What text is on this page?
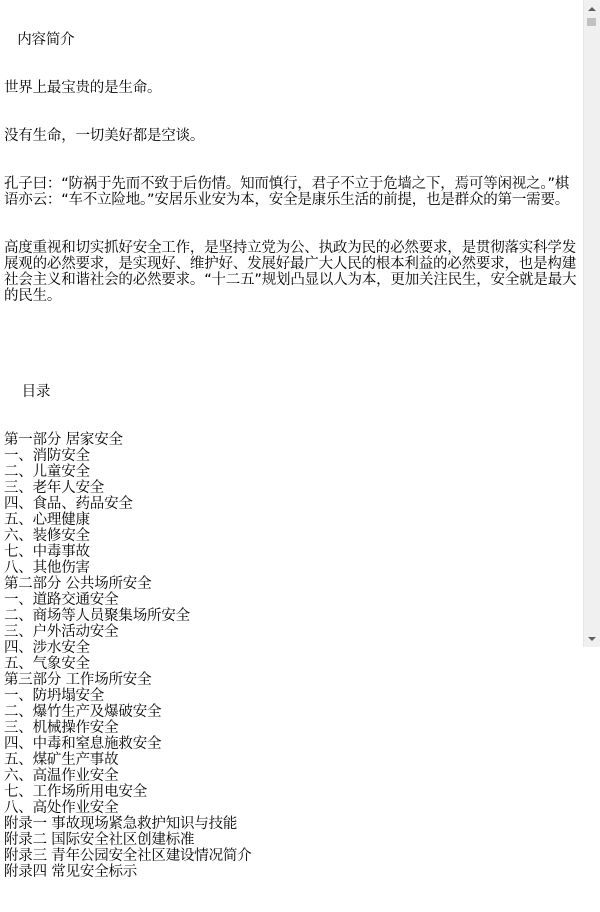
内容简介

世界上最宝贵的是生命。

没有生命，一切美好都是空谈。

孔子曰：“防祸于先而不致于后伤情。知而慎行，君子不立于危墙之下，焉可等闲视之。”棋语亦云：“车不立险地。”安居乐业安为本，安全是康乐生活的前提，也是群众的第一需要。

高度重视和切实抓好安全工作，是坚持立党为公、执政为民的必然要求，是贯彻落实科学发展观的必然要求，是实现好、维护好、发展好最广大人民的根本利益的必然要求，也是构建社会主义和谐社会的必然要求。“十二五”规划凸显以人为本，更加关注民生，安全就是最大的民生。

目录

第一部分 居家安全
一、消防安全
二、儿童安全
三、老年人安全
四、食品、药品安全
五、心理健康
六、装修安全
七、中毒事故
八、其他伤害
第二部分 公共场所安全
一、道路交通安全
二、商场等人员聚集场所安全
三、户外活动安全
四、涉水安全
五、气象安全
第三部分 工作场所安全
一、防坍塌安全
二、爆竹生产及爆破安全
三、机械操作安全
四、中毒和窒息施救安全
五、煤矿生产事故
六、高温作业安全
七、工作场所用电安全
八、高处作业安全
附录一 事故现场紧急救护知识与技能
附录二 国际安全社区创建标准
附录三 青年公园安全社区建设情况简介
附录四 常见安全标示
